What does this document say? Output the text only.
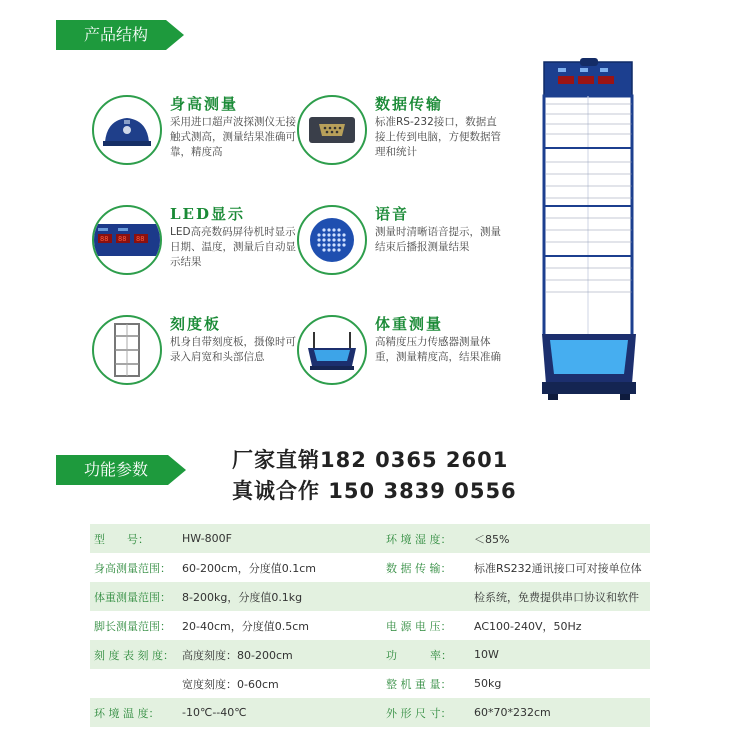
产品结构
功能参数
身高测量
采用进口超声波探测仪无接触式测高，测量结果准确可靠，精度高
数据传输
标准RS-232接口，数据直接上传到电脑，方便数据管理和统计
88 88 88
LED显示
LED高亮数码屏待机时显示日期、温度，测量后自动显示结果
语音
测量时清晰语音提示，测量结束后播报测量结果
刻度板
机身自带刻度板，摄像时可录入肩宽和头部信息
体重测量
高精度压力传感器测量体重，测量精度高，结果准确
厂家直销182 0365 2601
真诚合作 150 3839 0556
型　　号：	HW-800F	环 境 湿 度：	＜85%
身高测量范围：	60-200cm，分度值0.1cm	数 据 传 输：	标准RS232通讯接口可对接单位体
体重测量范围：	8-200kg，分度值0.1kg		检系统，免费提供串口协议和软件
脚长测量范围：	20-40cm，分度值0.5cm	电 源 电 压：	AC100-240V，50Hz
刻 度 表 刻 度：	高度刻度：80-200cm	功　　　率：	10W
	宽度刻度：0-60cm	整 机 重 量：	50kg
环 境 温 度：	-10℃--40℃	外 形 尺 寸：	60*70*232cm
